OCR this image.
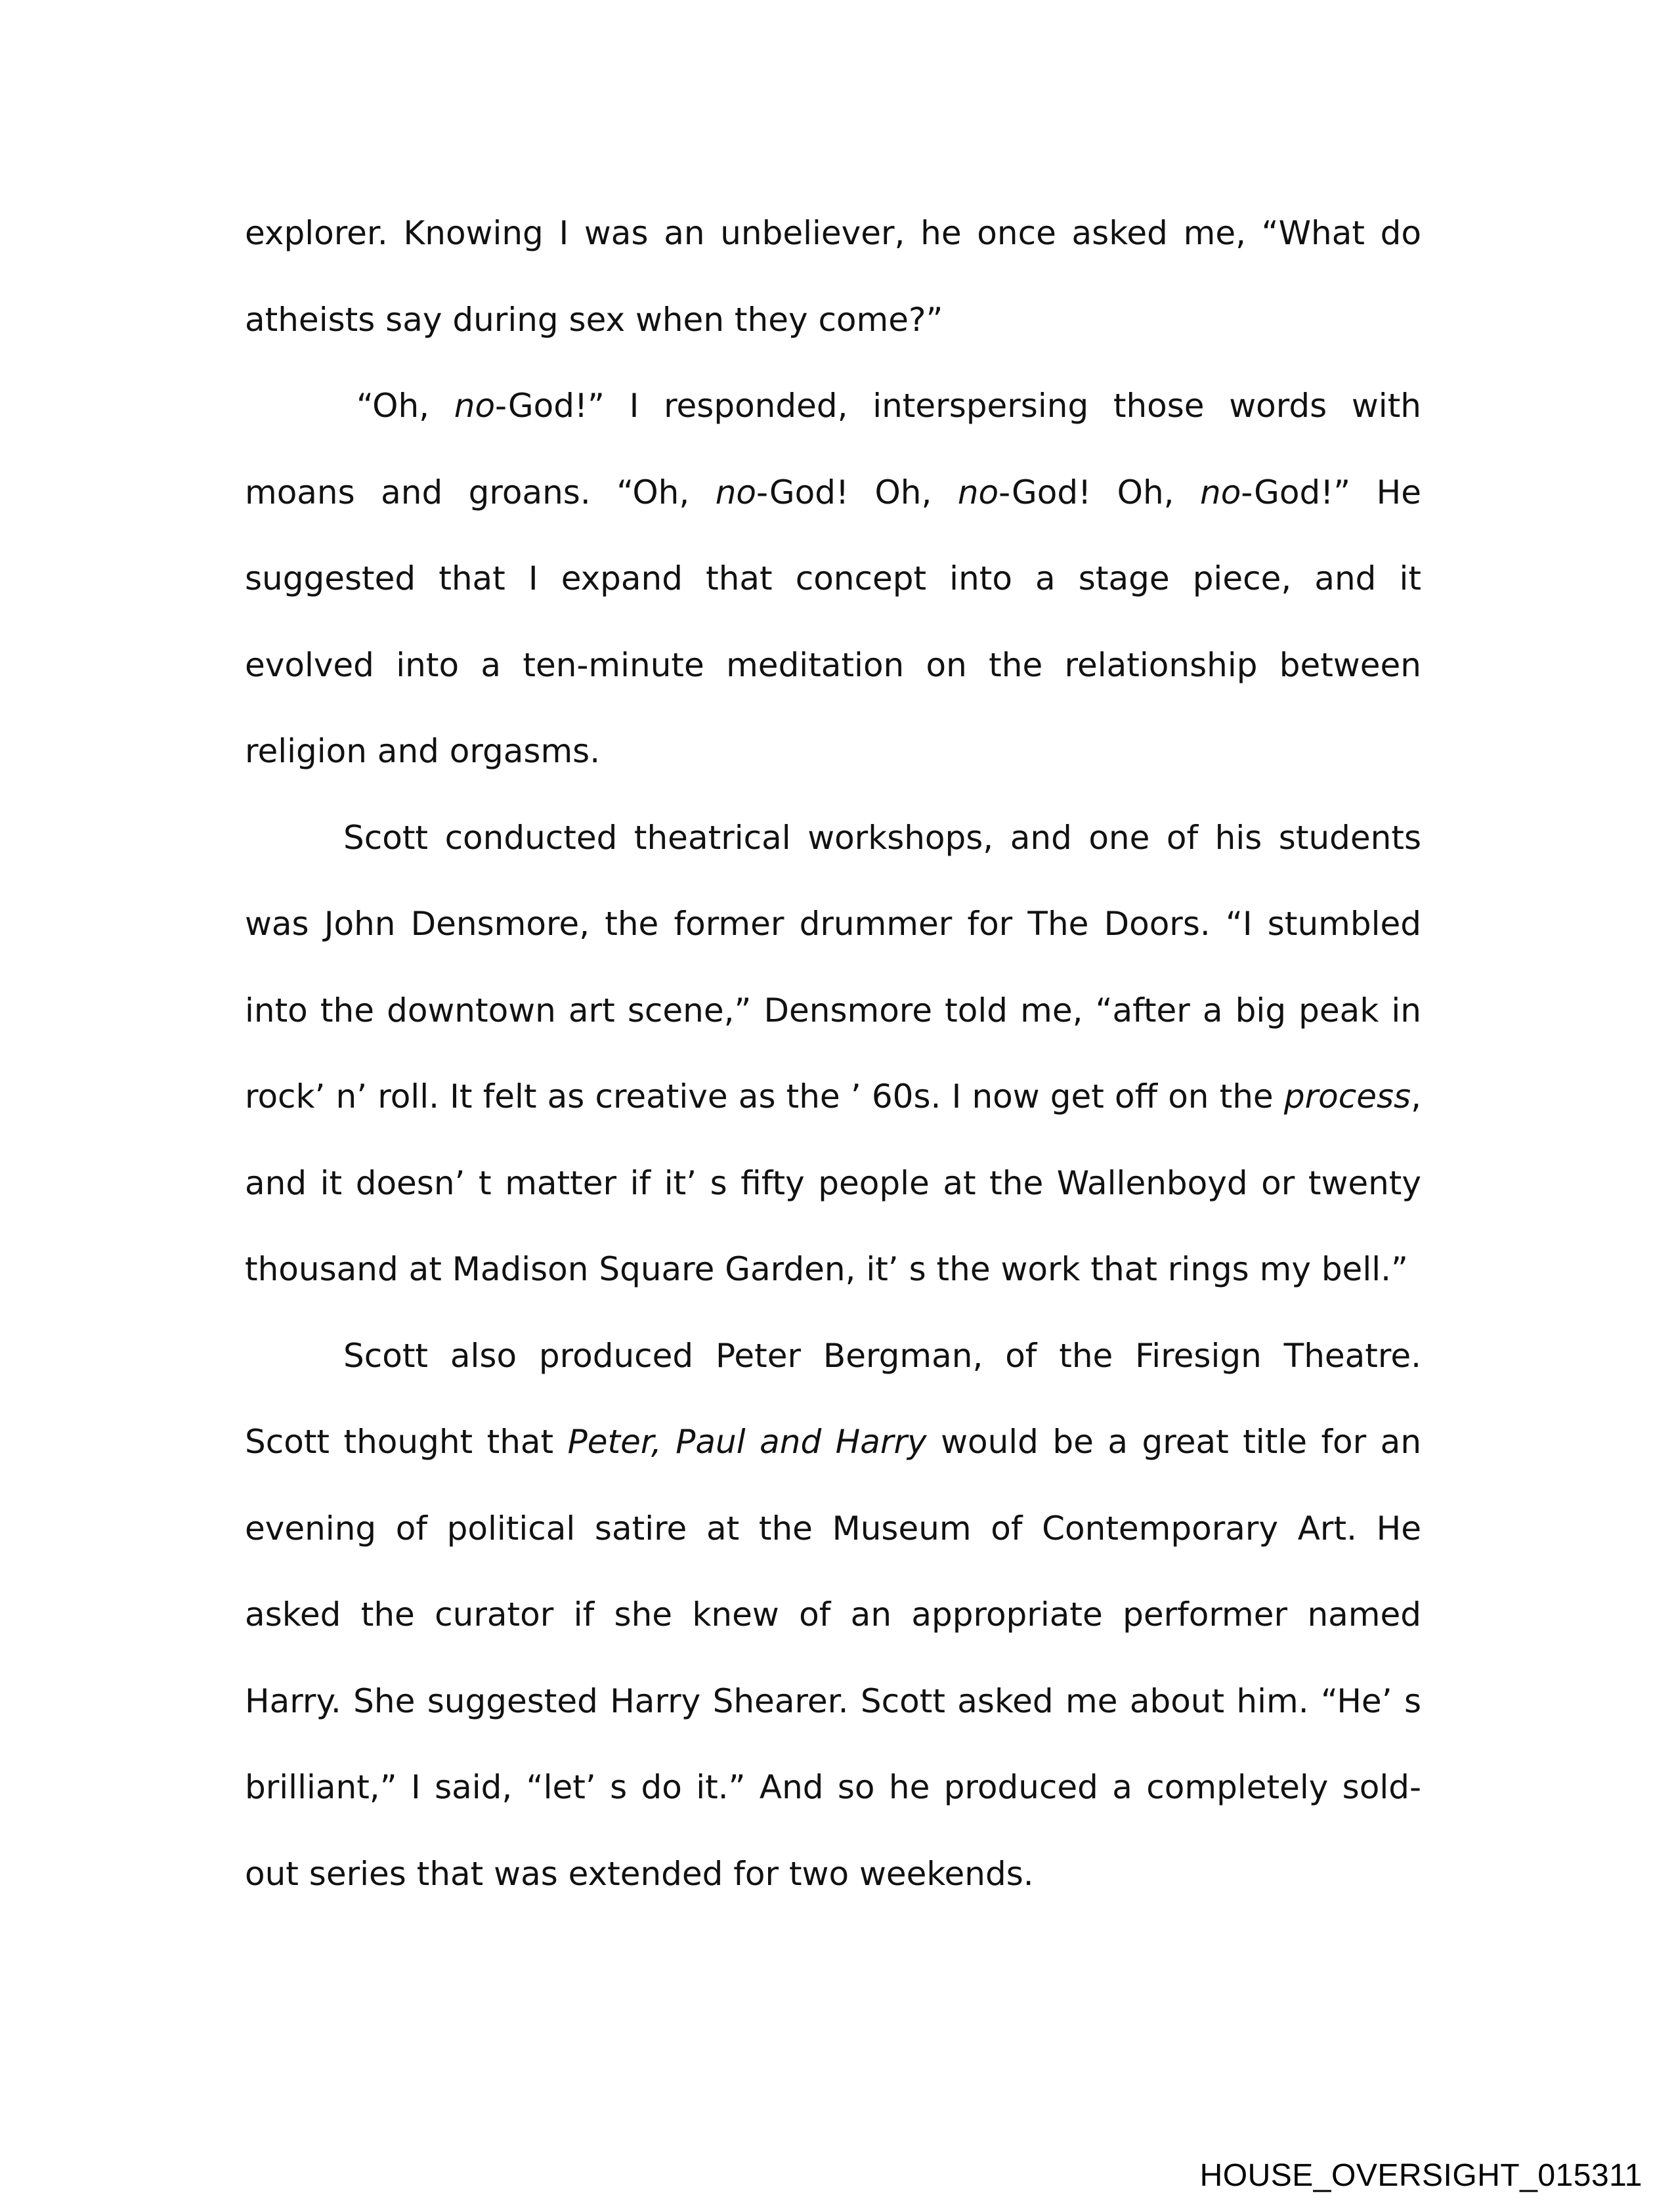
explorer. Knowing I was an unbeliever, he once asked me, “What do atheists say during sex when they come?”

“Oh, no-God!” I responded, interspersing those words with moans and groans. “Oh, no-God! Oh, no-God! Oh, no-God!” He suggested that I expand that concept into a stage piece, and it evolved into a ten-minute meditation on the relationship between religion and orgasms.

Scott conducted theatrical workshops, and one of his students was John Densmore, the former drummer for The Doors. “I stumbled into the downtown art scene,” Densmore told me, “after a big peak in rock’ n’ roll. It felt as creative as the ’ 60s. I now get off on the process, and it doesn’ t matter if it’ s fifty people at the Wallenboyd or twenty thousand at Madison Square Garden, it’ s the work that rings my bell.”

Scott also produced Peter Bergman, of the Firesign Theatre. Scott thought that Peter, Paul and Harry would be a great title for an evening of political satire at the Museum of Contemporary Art. He asked the curator if she knew of an appropriate performer named Harry. She suggested Harry Shearer. Scott asked me about him. “He’ s brilliant,” I said, “let’ s do it.” And so he produced a completely sold-out series that was extended for two weekends.

HOUSE_OVERSIGHT_015311
